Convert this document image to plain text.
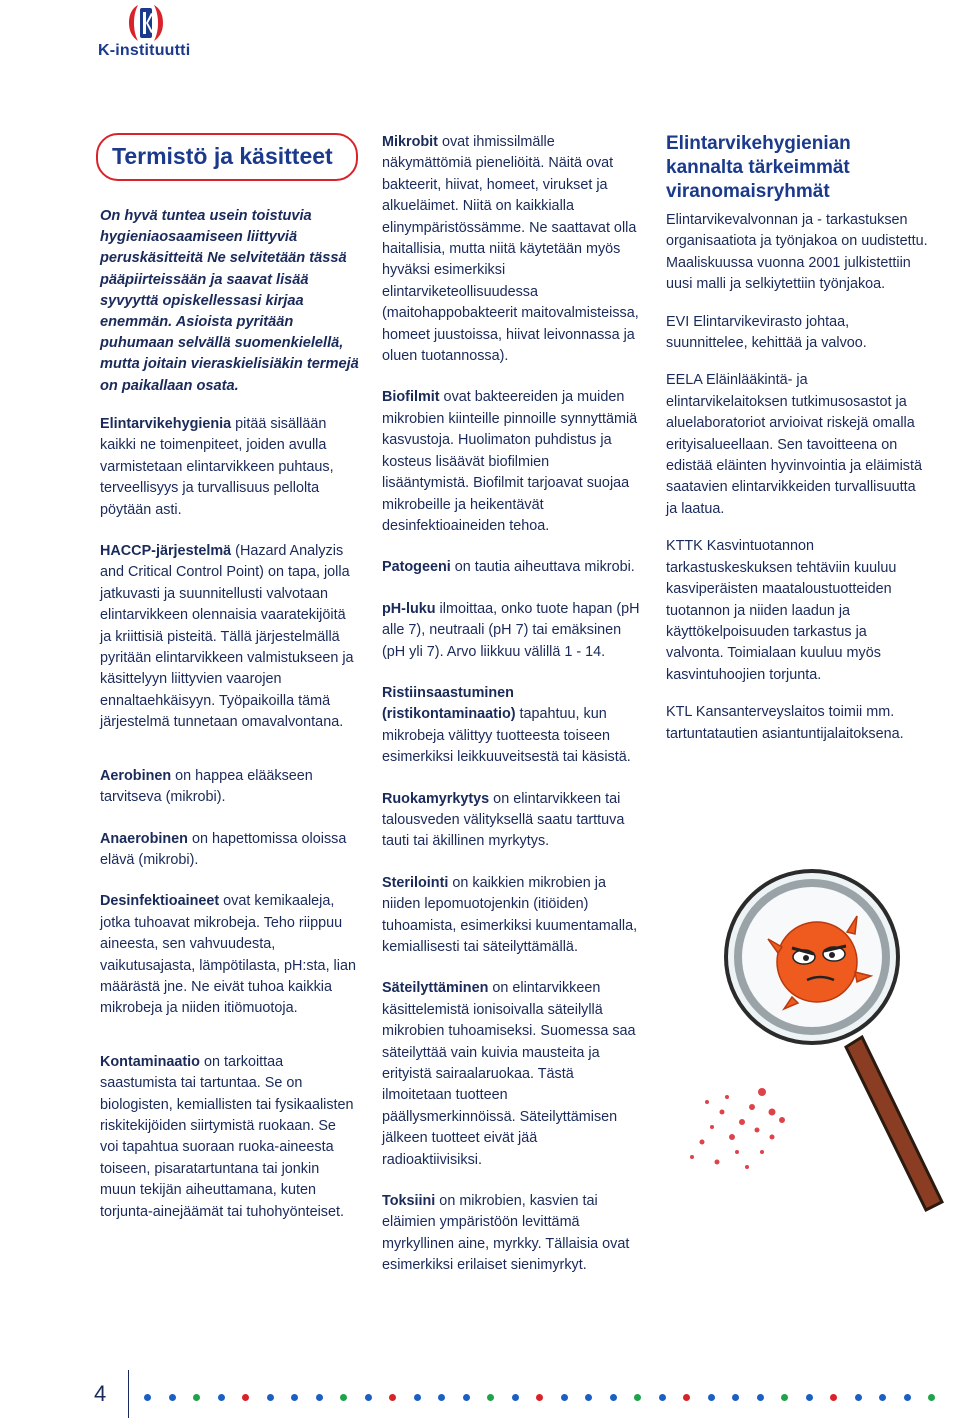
K-instituutti
Termistö ja käsitteet
On hyvä tuntea usein toistuvia hygieniaosaamiseen liittyviä peruskäsitteitä Ne selvitetään tässä pääpiirteissään ja saavat lisää syvyyttä opiskellessasi kirjaa enemmän. Asioista pyritään puhumaan selvällä suomenkielellä, mutta joitain vieraskielisiäkin termejä on paikallaan osata.

Elintarvikehygienia pitää sisällään kaikki ne toimenpiteet, joiden avulla varmistetaan elintarvikkeen puhtaus, terveellisyys ja turvallisuus pellolta pöytään asti.

HACCP-järjestelmä (Hazard Analyzis and Critical Control Point) on tapa, jolla jatkuvasti ja suunnitellusti valvotaan elintarvikkeen olennaisia vaaratekijöitä ja kriittisiä pisteitä. Tällä järjestelmällä pyritään elintarvikkeen valmistukseen ja käsittelyyn liittyvien vaarojen ennaltaehkäisyyn. Työpaikoilla tämä järjestelmä tunnetaan omavalvontana.

Aerobinen on happea elääkseen tarvitseva (mikrobi).

Anaerobinen on hapettomissa oloissa elävä (mikrobi).

Desinfektioaineet ovat kemikaaleja, jotka tuhoavat mikrobeja. Teho riippuu aineesta, sen vahvuudesta, vaikutusajasta, lämpötilasta, pH:sta, lian määrästä jne. Ne eivät tuhoa kaikkia mikrobeja ja niiden itiömuotoja.

Kontaminaatio on tarkoittaa saastumista tai tartuntaa. Se on biologisten, kemiallisten tai fysikaalisten riskitekijöiden siirtymistä ruokaan. Se voi tapahtua suoraan ruoka-aineesta toiseen, pisaratartuntana tai jonkin muun tekijän aiheuttamana, kuten torjunta-ainejäämät tai tuhohyönteiset.

Mikrobit ovat ihmissilmälle näkymättömiä pieneliöitä. Näitä ovat bakteerit, hiivat, homeet, virukset ja alkueläimet. Niitä on kaikkialla elinympäristössämme. Ne saattavat olla haitallisia, mutta niitä käytetään myös hyväksi esimerkiksi elintarviketeollisuudessa (maitohappobakteerit maitovalmisteissa, homeet juustoissa, hiivat leivonnassa ja oluen tuotannossa).

Biofilmit ovat bakteereiden ja muiden mikrobien kiinteille pinnoille synnyttämiä kasvustoja. Huolimaton puhdistus ja kosteus lisäävät biofilmien lisääntymistä. Biofilmit tarjoavat suojaa mikrobeille ja heikentävät desinfektioaineiden tehoa.

Patogeeni on tautia aiheuttava mikrobi.

pH-luku ilmoittaa, onko tuote hapan (pH alle 7), neutraali (pH 7) tai emäksinen (pH yli 7). Arvo liikkuu välillä 1 - 14.

Ristiinsaastuminen (ristikontaminaatio) tapahtuu, kun mikrobeja välittyy tuotteesta toiseen esimerkiksi leikkuuveitsestä tai käsistä.

Ruokamyrkytys on elintarvikkeen tai talousveden välityksellä saatu tarttuva tauti tai äkillinen myrkytys.

Sterilointi on kaikkien mikrobien ja niiden lepomuotojenkin (itiöiden) tuhoamista, esimerkiksi kuumentamalla, kemiallisesti tai säteilyttämällä.

Säteilyttäminen on elintarvikkeen käsittelemistä ionisoivalla säteilyllä mikrobien tuhoamiseksi. Suomessa saa säteilyttää vain kuivia mausteita ja erityistä sairaalaruokaa. Tästä ilmoitetaan tuotteen päällysmerkinnöissä. Säteilyttämisen jälkeen tuotteet eivät jää radioaktiivisiksi.

Toksiini on mikrobien, kasvien tai eläimien ympäristöön levittämä myrkyllinen aine, myrkky. Tällaisia ovat esimerkiksi erilaiset sienimyrkyt.

Elintarvikehygienian kannalta tärkeimmät viranomaisryhmät

Elintarvikevalvonnan ja - tarkastuksen organisaatiota ja työnjakoa on uudistettu. Maaliskuussa vuonna 2001 julkistettiin uusi malli ja selkiytettiin työnjakoa.

EVI Elintarvikevirasto johtaa, suunnittelee, kehittää ja valvoo.

EELA Eläinlääkintä- ja elintarvikelaitoksen tutkimusosastot ja aluelaboratoriot arvioivat riskejä omalla erityisalueellaan. Sen tavoitteena on edistää eläinten hyvinvointia ja eläimistä saatavien elintarvikkeiden turvallisuutta ja laatua.

KTTK Kasvintuotannon tarkastuskeskuksen tehtäviin kuuluu kasviperäisten maataloustuotteiden tuotannon ja niiden laadun ja käyttökelpoisuuden tarkastus ja valvonta. Toimialaan kuuluu myös kasvintuhoojien torjunta.

KTL Kansanterveyslaitos toimii mm. tartuntatautien asiantuntijalaitoksena.

4
